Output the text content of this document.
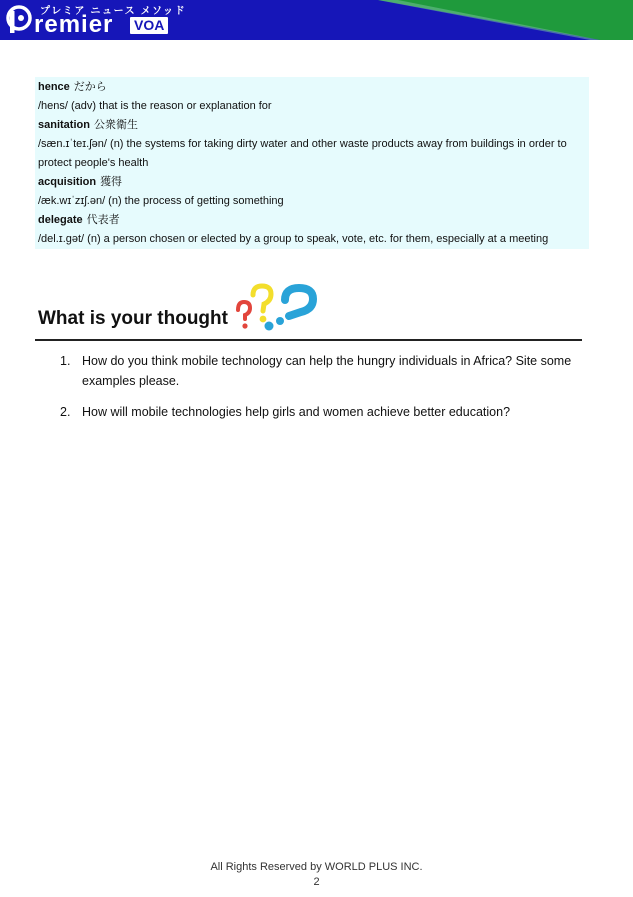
プレミア ニュース メソッド
remier VOA
hence だから
/hens/ (adv) that is the reason or explanation for
sanitation 公衆衛生
/sæn.ɪˈteɪ.ʃən/ (n) the systems for taking dirty water and other waste products away from buildings in order to
protect people's health
acquisition 獲得
/æk.wɪˈzɪʃ.ən/ (n) the process of getting something
delegate 代表者
/del.ɪ.gət/ (n) a person chosen or elected by a group to speak, vote, etc. for them, especially at a meeting
What is your thought
1. How do you think mobile technology can help the hungry individuals in Africa? Site some
examples please.
2. How will mobile technologies help girls and women achieve better education?
All Rights Reserved by WORLD PLUS INC.
2
